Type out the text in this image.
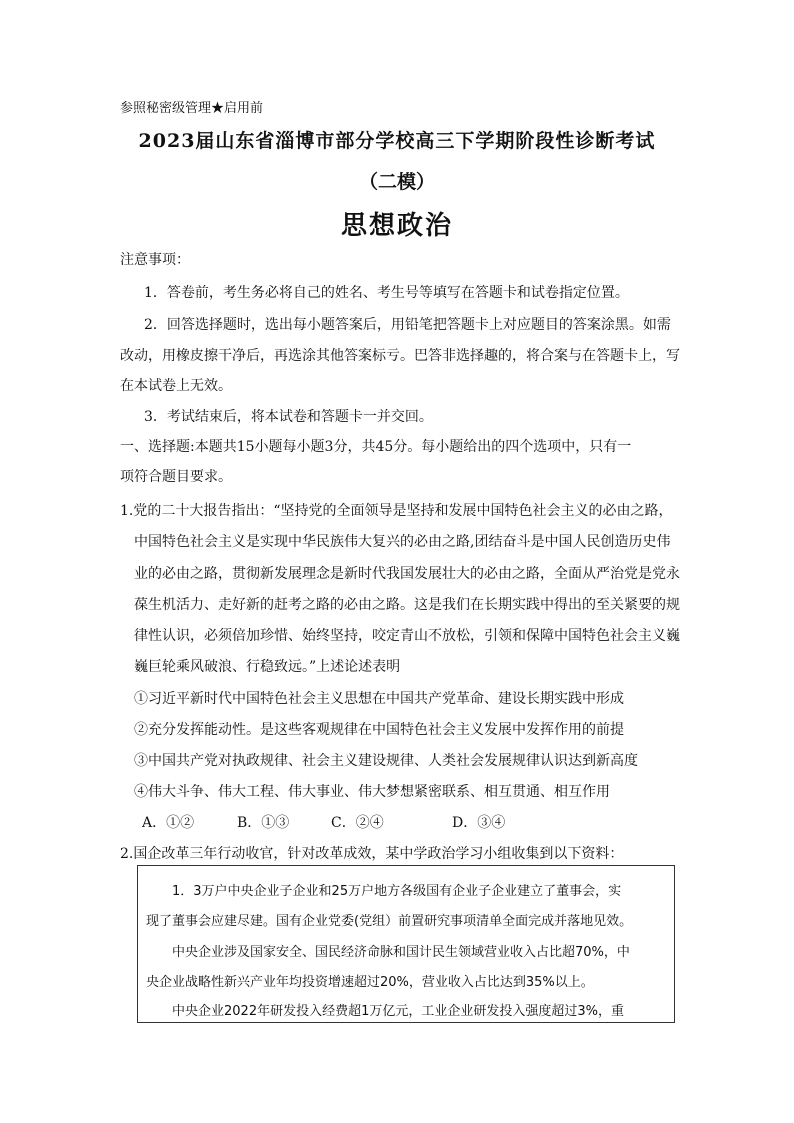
参照秘密级管理★启用前
2023届山东省淄博市部分学校高三下学期阶段性诊断考试
（二模）
思想政治
注意事项：
1．答卷前，考生务必将自己的姓名、考生号等填写在答题卡和试卷指定位置。
2．回答选择题时，选出每小题答案后，用铅笔把答题卡上对应题目的答案涂黑。如需
改动，用橡皮擦干净后，再选涂其他答案标亏。巴答非选择趣的，将合案与在答题卡上，写
在本试卷上无效。
3．考试结束后，将本试卷和答题卡一并交回。
一、选择题:本题共15小题每小题3分，共45分。每小题给出的四个选项中，只有一
项符合题目要求。
1.党的二十大报告指出：“坚持党的全面领导是坚持和发展中国特色社会主义的必由之路，
中国特色社会主义是实现中华民族伟大复兴的必由之路,团结奋斗是中国人民创造历史伟
业的必由之路，贯彻新发展理念是新时代我国发展壮大的必由之路，全面从严治党是党永
葆生机活力、走好新的赶考之路的必由之路。这是我们在长期实践中得出的至关紧要的规
律性认识，必须倍加珍惜、始终坚持，咬定青山不放松，引领和保障中国特色社会主义巍
巍巨轮乘风破浪、行稳致远。”上述论述表明
①习近平新时代中国特色社会主义思想在中国共产党革命、建设长期实践中形成
②充分发挥能动性。是这些客观规律在中国特色社会主义发展中发挥作用的前提
③中国共产党对执政规律、社会主义建设规律、人类社会发展规律认识达到新高度
④伟大斗争、伟大工程、伟大事业、伟大梦想紧密联系、相互贯通、相互作用
A．①②	B．①③	C．②④	D．③④
2.国企改革三年行动收官，针对改革成效，某中学政治学习小组收集到以下资料：
1．3万户中央企业子企业和25万户地方各级国有企业子企业建立了董事会，实
现了董事会应建尽建。国有企业党委(党组）前置研究事项清单全面完成并落地见效。
中央企业涉及国家安全、国民经济命脉和国计民生领域营业收入占比超70%，中
央企业战略性新兴产业年均投资增速超过20%，营业收入占比达到35%以上。
中央企业2022年研发投入经费超1万亿元，工业企业研发投入强度超过3%，重
